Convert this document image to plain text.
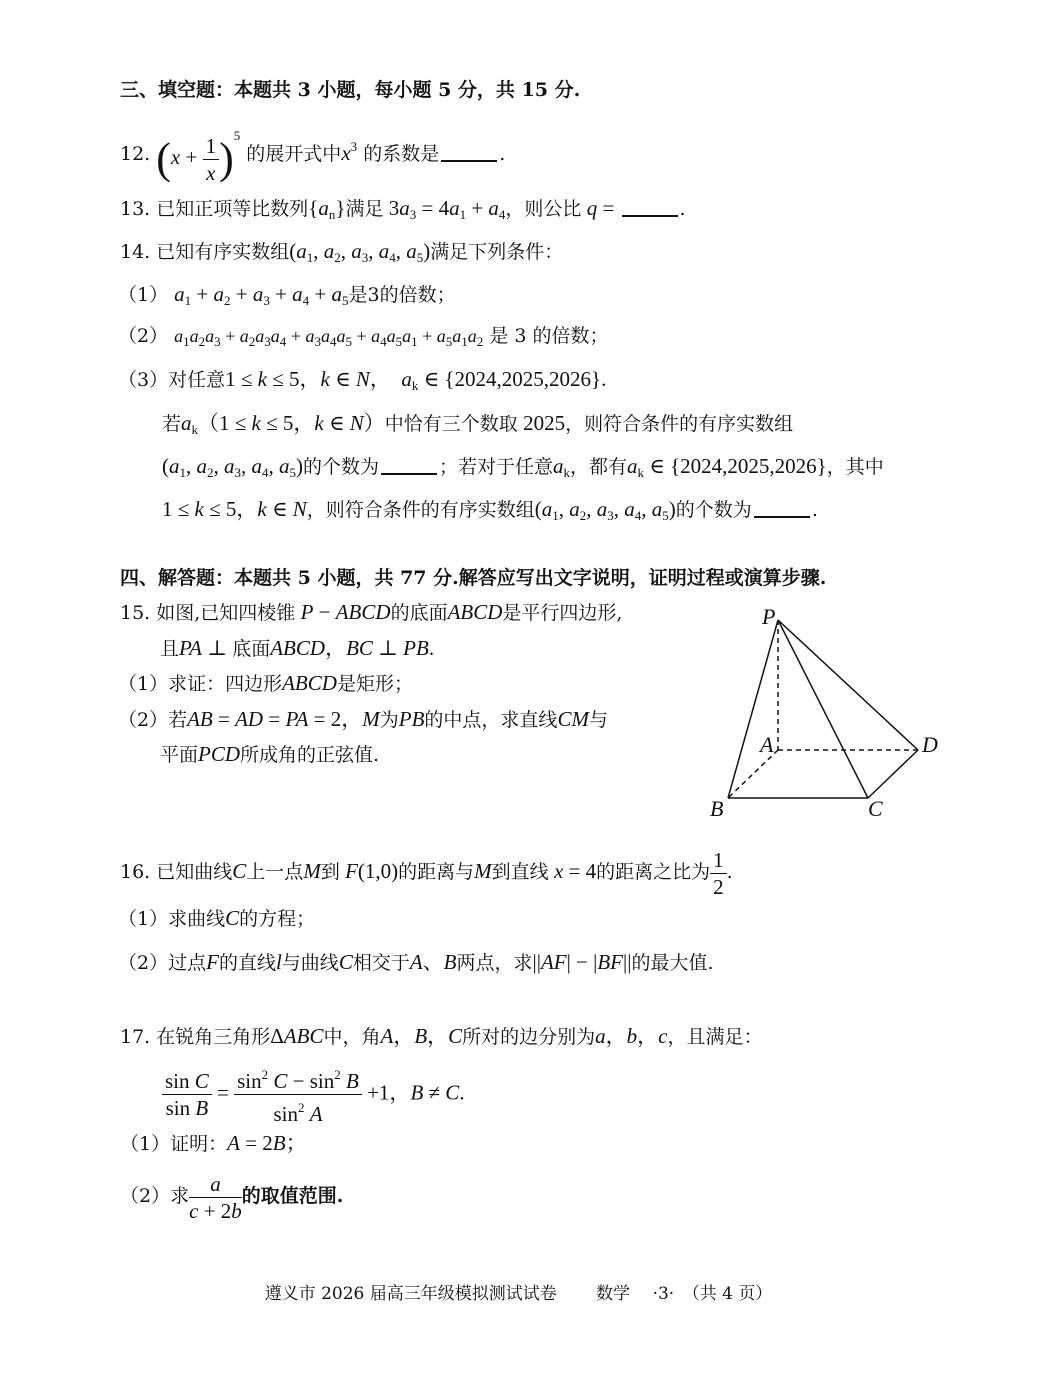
三、填空题：本题共 3 小题，每小题 5 分，共 15 分.
12. $(x + \frac{1}{x} )^5$ 的展开式中$x^3$ 的系数是	.
13. 已知正项等比数列$\{a_n\}$满足 $3a_3 = 4a_1 + a_4$，则公比 q =	.
14. 已知有序实数组($a_1$, $a_2$, $a_3$, $a_4$, $a_5$)满足下列条件：
（1） $a_1 + a_2 + a_3 + a_4 + a_5$是3的倍数；
（2） $a_1a_2a_3 + a_2a_3a_4 + a_3a_4a_5 + a_4a_5a_1 + a_5a_1a_2$ 是 3 的倍数；
（3）对任意1 ≤ k ≤ 5，k ∈ N，　$a_k$ ∈ {2024,2025,2026}.
若$a_k(1 \le k \le 5$，k ∈ N）中恰有三个数取 2025，则符合条件的有序实数组
($a_1$, $a_2$, $a_3$, $a_4$, $a_5$)的个数为	；若对于任意$a_k$，都有$a_k$ ∈ {2024,2025,2026}，其中
1 ≤ k ≤ 5，k ∈ N，则符合条件的有序实数组($a_1$, $a_2$, $a_3$, $a_4$, $a_5$)的个数为	.
四、解答题：本题共 5 小题，共 77 分.解答应写出文字说明，证明过程或演算步骤.
15. 如图,已知四棱锥 P − ABCD的底面ABCD是平行四边形,
且PA ⊥ 底面ABCD，BC ⊥ PB.
（1）求证：四边形ABCD是矩形；
（2）若AB = AD = PA = 2，M为PB的中点，求直线CM与
平面PCD所成角的正弦值.
P
A
B	C
D
16. 已知曲线C上一点M到 F(1,0)的距离与M到直线 x = 4的距离之比为 $\frac{1}{2}$ .
（1）求曲线C的方程；
（2）过点F的直线l与曲线C相交于A、B两点，求||AF| − |BF||的最大值.
17. 在锐角三角形ΔABC中，角A，B，C所对的边分别为a，b，c，且满足：
$\frac{\text{sin C}}{\text{sin B}} = \frac{\sin^2 C - \sin^2 B}{\sin^2 A} +1$，B ≠ C.
（1）证明：A = 2B；
（2）求 $\frac{a}{c + 2b}$ 的取值范围.
遵义市 2026 届高三年级模拟测试试卷　　 数学　 ·3·　（共 4 页）
